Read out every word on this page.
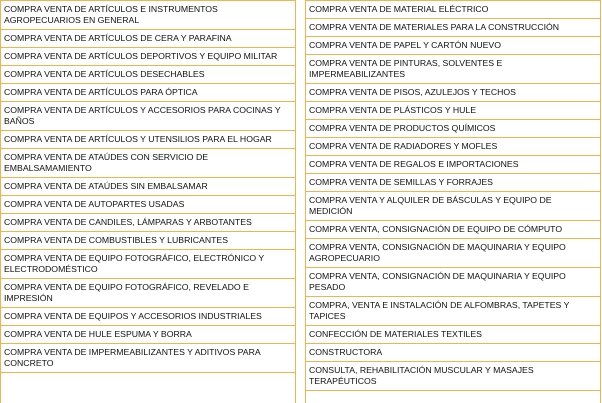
COMPRA VENTA DE ARTÍCULOS E INSTRUMENTOS AGROPECUARIOS EN GENERAL
COMPRA VENTA DE ARTÍCULOS DE CERA Y PARAFINA
COMPRA VENTA DE ARTÍCULOS DEPORTIVOS Y EQUIPO MILITAR
COMPRA VENTA DE ARTÍCULOS DESECHABLES
COMPRA VENTA DE ARTÍCULOS PARA ÓPTICA
COMPRA VENTA DE ARTÍCULOS Y ACCESORIOS PARA COCINAS Y BAÑOS
COMPRA VENTA DE ARTÍCULOS Y UTENSILIOS PARA EL HOGAR
COMPRA VENTA DE ATAÚDES CON SERVICIO DE EMBALSAMAMIENTO
COMPRA VENTA DE ATAÚDES SIN EMBALSAMAR
COMPRA VENTA DE AUTOPARTES USADAS
COMPRA VENTA DE CANDILES, LÁMPARAS Y ARBOTANTES
COMPRA VENTA DE COMBUSTIBLES Y LUBRICANTES
COMPRA VENTA DE EQUIPO FOTOGRÁFICO, ELECTRÓNICO Y ELECTRODOMÉSTICO
COMPRA VENTA DE EQUIPO FOTOGRÁFICO, REVELADO E IMPRESIÓN
COMPRA VENTA DE EQUIPOS Y ACCESORIOS INDUSTRIALES
COMPRA VENTA DE HULE ESPUMA Y BORRA
COMPRA VENTA DE IMPERMEABILIZANTES Y ADITIVOS PARA CONCRETO
COMPRA VENTA DE MATERIAL ELÉCTRICO
COMPRA VENTA DE MATERIALES PARA LA CONSTRUCCIÓN
COMPRA VENTA DE PAPEL Y CARTÓN NUEVO
COMPRA VENTA DE PINTURAS, SOLVENTES E IMPERMEABILIZANTES
COMPRA VENTA DE PISOS, AZULEJOS Y TECHOS
COMPRA VENTA DE PLÁSTICOS Y HULE
COMPRA VENTA DE PRODUCTOS QUÍMICOS
COMPRA VENTA DE RADIADORES Y MOFLES
COMPRA VENTA DE REGALOS E IMPORTACIONES
COMPRA VENTA DE SEMILLAS Y FORRAJES
COMPRA VENTA Y ALQUILER DE BÁSCULAS Y EQUIPO DE MEDICIÓN
COMPRA VENTA, CONSIGNACIÓN DE EQUIPO DE CÓMPUTO
COMPRA VENTA, CONSIGNACIÓN DE MAQUINARIA Y EQUIPO AGROPECUARIO
COMPRA VENTA, CONSIGNACIÓN DE MAQUINARIA Y EQUIPO PESADO
COMPRA, VENTA E INSTALACIÓN DE ALFOMBRAS, TAPETES Y TAPICES
CONFECCIÓN DE MATERIALES TEXTILES
CONSTRUCTORA
CONSULTA, REHABILITACIÓN MUSCULAR Y MASAJES TERAPÉUTICOS
